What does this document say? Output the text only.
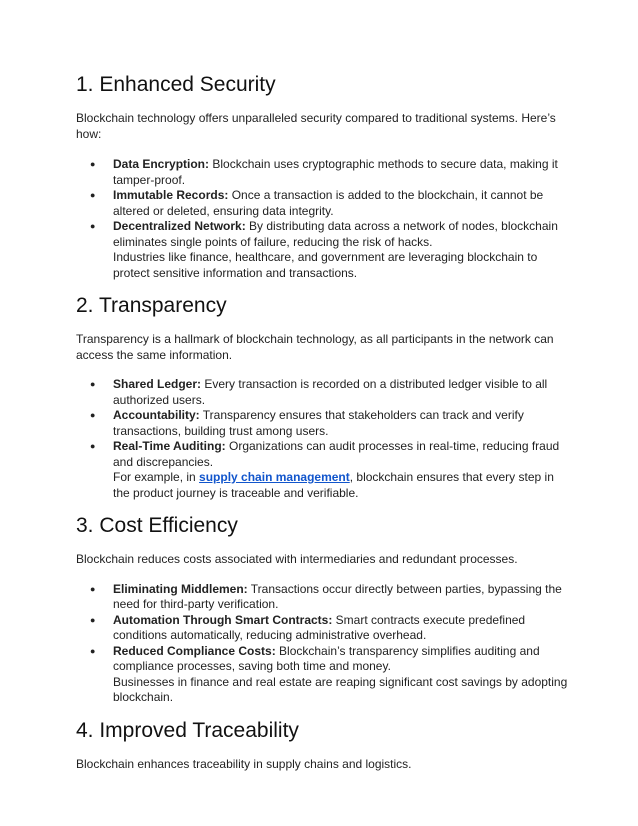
1. Enhanced Security

Blockchain technology offers unparalleled security compared to traditional systems. Here’s how:

● Data Encryption: Blockchain uses cryptographic methods to secure data, making it tamper-proof.
● Immutable Records: Once a transaction is added to the blockchain, it cannot be altered or deleted, ensuring data integrity.
● Decentralized Network: By distributing data across a network of nodes, blockchain eliminates single points of failure, reducing the risk of hacks.
Industries like finance, healthcare, and government are leveraging blockchain to protect sensitive information and transactions.
2. Transparency

Transparency is a hallmark of blockchain technology, as all participants in the network can access the same information.

● Shared Ledger: Every transaction is recorded on a distributed ledger visible to all authorized users.
● Accountability: Transparency ensures that stakeholders can track and verify transactions, building trust among users.
● Real-Time Auditing: Organizations can audit processes in real-time, reducing fraud and discrepancies.
For example, in supply chain management, blockchain ensures that every step in the product journey is traceable and verifiable.
3. Cost Efficiency

Blockchain reduces costs associated with intermediaries and redundant processes.

● Eliminating Middlemen: Transactions occur directly between parties, bypassing the need for third-party verification.
● Automation Through Smart Contracts: Smart contracts execute predefined conditions automatically, reducing administrative overhead.
● Reduced Compliance Costs: Blockchain’s transparency simplifies auditing and compliance processes, saving both time and money.
Businesses in finance and real estate are reaping significant cost savings by adopting blockchain.
4. Improved Traceability

Blockchain enhances traceability in supply chains and logistics.
